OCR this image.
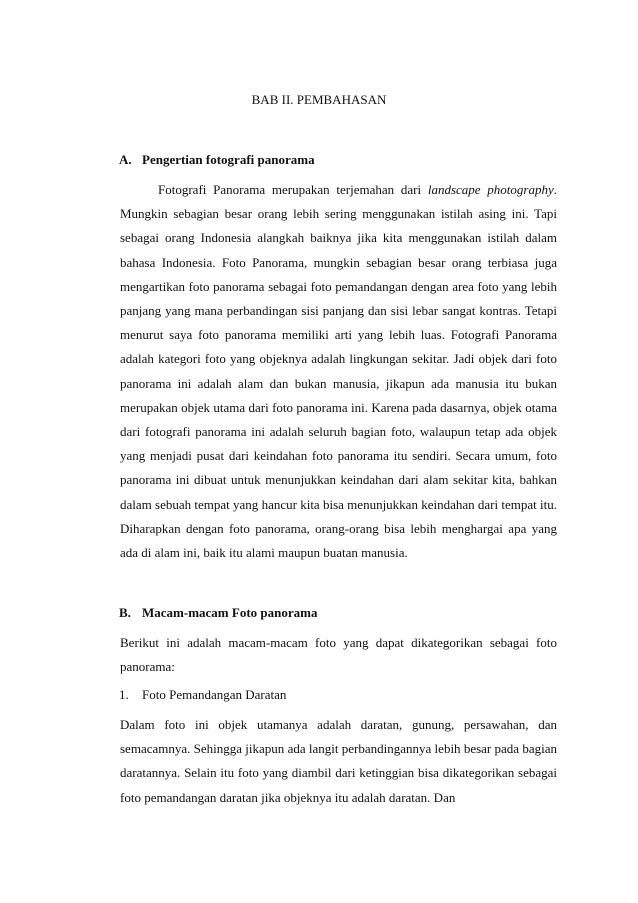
BAB II. PEMBAHASAN
A. Pengertian fotografi panorama

Fotografi Panorama merupakan terjemahan dari landscape photography. Mungkin sebagian besar orang lebih sering menggunakan istilah asing ini. Tapi sebagai orang Indonesia alangkah baiknya jika kita menggunakan istilah dalam bahasa Indonesia. Foto Panorama, mungkin sebagian besar orang terbiasa juga mengartikan foto panorama sebagai foto pemandangan dengan area foto yang lebih panjang yang mana perbandingan sisi panjang dan sisi lebar sangat kontras. Tetapi menurut saya foto panorama memiliki arti yang lebih luas. Fotografi Panorama adalah kategori foto yang objeknya adalah lingkungan sekitar. Jadi objek dari foto panorama ini adalah alam dan bukan manusia, jikapun ada manusia itu bukan merupakan objek utama dari foto panorama ini. Karena pada dasarnya, objek otama dari fotografi panorama ini adalah seluruh bagian foto, walaupun tetap ada objek yang menjadi pusat dari keindahan foto panorama itu sendiri. Secara umum, foto panorama ini dibuat untuk menunjukkan keindahan dari alam sekitar kita, bahkan dalam sebuah tempat yang hancur kita bisa menunjukkan keindahan dari tempat itu. Diharapkan dengan foto panorama, orang-orang bisa lebih menghargai apa yang ada di alam ini, baik itu alami maupun buatan manusia.

B. Macam-macam Foto panorama

Berikut ini adalah macam-macam foto yang dapat dikategorikan sebagai foto panorama:

1. Foto Pemandangan Daratan

Dalam foto ini objek utamanya adalah daratan, gunung, persawahan, dan semacamnya. Sehingga jikapun ada langit perbandingannya lebih besar pada bagian daratannya. Selain itu foto yang diambil dari ketinggian bisa dikategorikan sebagai foto pemandangan daratan jika objeknya itu adalah daratan. Dan
